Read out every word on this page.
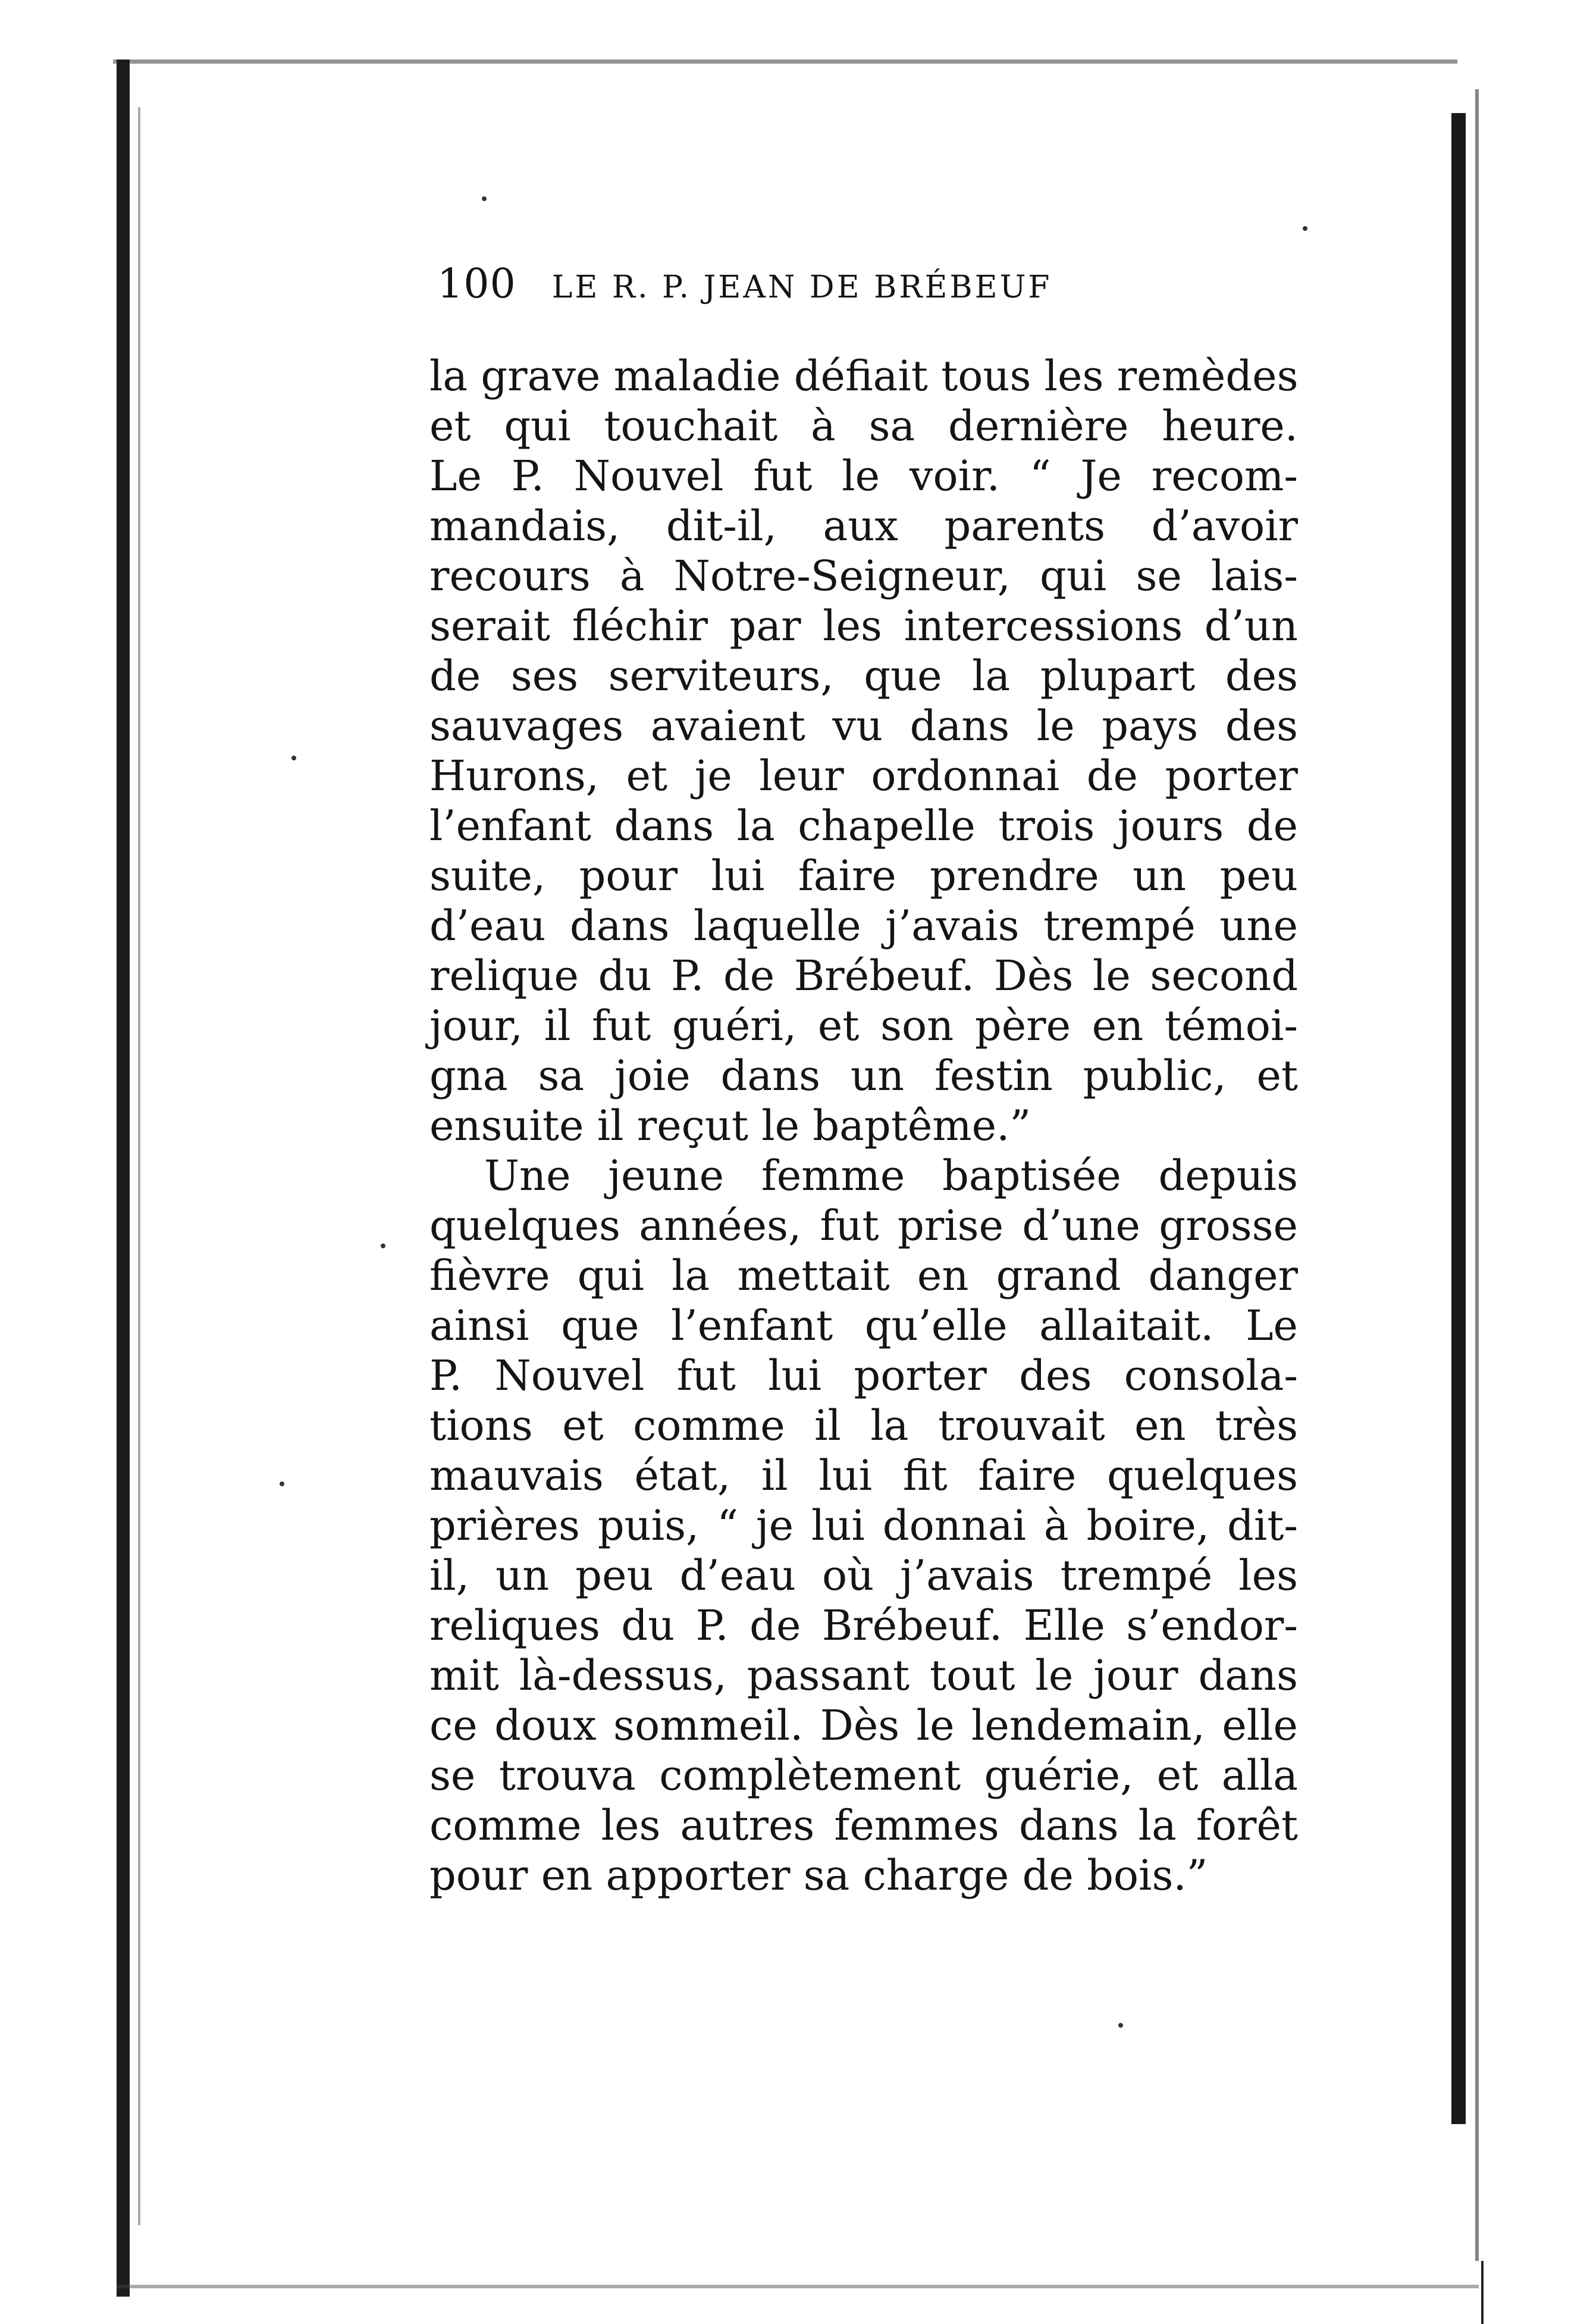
100 LE R. P. JEAN DE BRÉBEUF
la grave maladie défiait tous les remèdes
et qui touchait à sa dernière heure.
Le P. Nouvel fut le voir. “ Je recom-
mandais, dit-il, aux parents d’avoir
recours à Notre-Seigneur, qui se lais-
serait fléchir par les intercessions d’un
de ses serviteurs, que la plupart des
sauvages avaient vu dans le pays des
Hurons, et je leur ordonnai de porter
l’enfant dans la chapelle trois jours de
suite, pour lui faire prendre un peu
d’eau dans laquelle j’avais trempé une
relique du P. de Brébeuf. Dès le second
jour, il fut guéri, et son père en témoi-
gna sa joie dans un festin public, et
ensuite il reçut le baptême.”
Une jeune femme baptisée depuis
quelques années, fut prise d’une grosse
fièvre qui la mettait en grand danger
ainsi que l’enfant qu’elle allaitait. Le
P. Nouvel fut lui porter des consola-
tions et comme il la trouvait en très
mauvais état, il lui fit faire quelques
prières puis, “ je lui donnai à boire, dit-
il, un peu d’eau où j’avais trempé les
reliques du P. de Brébeuf. Elle s’endor-
mit là-dessus, passant tout le jour dans
ce doux sommeil. Dès le lendemain, elle
se trouva complètement guérie, et alla
comme les autres femmes dans la forêt
pour en apporter sa charge de bois.”
